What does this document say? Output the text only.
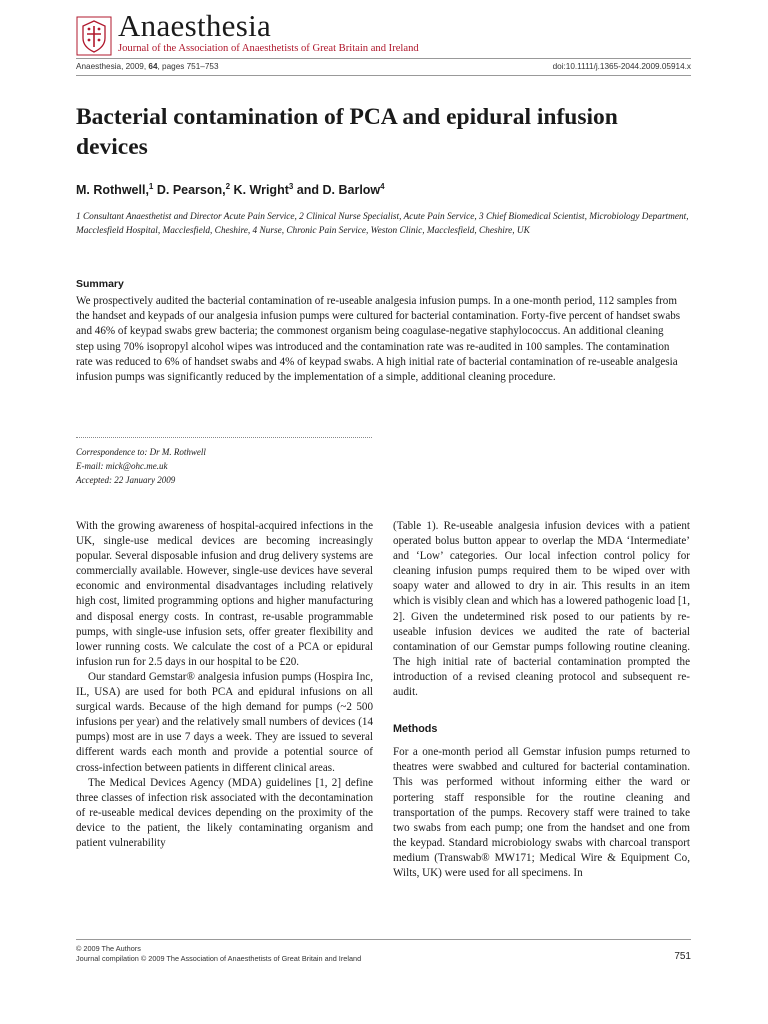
Anaesthesia
Journal of the Association of Anaesthetists of Great Britain and Ireland
Anaesthesia, 2009, 64, pages 751–753	doi:10.1111/j.1365-2044.2009.05914.x
Bacterial contamination of PCA and epidural infusion devices

M. Rothwell,$^1$ D. Pearson,$^2$ K. Wright$^3$ and D. Barlow$^4$

1 Consultant Anaesthetist and Director Acute Pain Service, 2 Clinical Nurse Specialist, Acute Pain Service, 3 Chief Biomedical Scientist, Microbiology Department, Macclesfield Hospital, Macclesfield, Cheshire, 4 Nurse, Chronic Pain Service, Weston Clinic, Macclesfield, Cheshire, UK

Summary

We prospectively audited the bacterial contamination of re-useable analgesia infusion pumps. In a one-month period, 112 samples from the handset and keypads of our analgesia infusion pumps were cultured for bacterial contamination. Forty-five percent of handset swabs and 46% of keypad swabs grew bacteria; the commonest organism being coagulase-negative staphylococcus. An additional cleaning step using 70% isopropyl alcohol wipes was introduced and the contamination rate was re-audited in 100 samples. The contamination rate was reduced to 6% of handset swabs and 4% of keypad swabs. A high initial rate of bacterial contamination of re-useable analgesia infusion pumps was significantly reduced by the implementation of a simple, additional cleaning procedure.

Correspondence to: Dr M. Rothwell
E-mail: mick@ohc.me.uk
Accepted: 22 January 2009

With the growing awareness of hospital-acquired infections in the UK, single-use medical devices are becoming increasingly popular. Several disposable infusion and drug delivery systems are commercially available. However, single-use devices have several economic and environmental disadvantages including relatively high cost, limited programming options and higher manufacturing and disposal energy costs. In contrast, re-usable programmable pumps, with single-use infusion sets, offer greater flexibility and lower running costs. We calculate the cost of a PCA or epidural infusion run for 2.5 days in our hospital to be £20.

Our standard Gemstar® analgesia infusion pumps (Hospira Inc, IL, USA) are used for both PCA and epidural infusions on all surgical wards. Because of the high demand for pumps (~2 500 infusions per year) and the relatively small numbers of devices (14 pumps) most are in use 7 days a week. They are issued to several different wards each month and provide a potential source of cross-infection between patients in different clinical areas.

The Medical Devices Agency (MDA) guidelines [1, 2] define three classes of infection risk associated with the decontamination of re-useable medical devices depending on the proximity of the device to the patient, the likely contaminating organism and patient vulnerability

(Table 1). Re-useable analgesia infusion devices with a patient operated bolus button appear to overlap the MDA ‘Intermediate’ and ‘Low’ categories. Our local infection control policy for cleaning infusion pumps required them to be wiped over with soapy water and allowed to dry in air. This results in an item which is visibly clean and which has a lowered pathogenic load [1, 2]. Given the undetermined risk posed to our patients by re-useable infusion devices we audited the rate of bacterial contamination of our Gemstar pumps following routine cleaning. The high initial rate of bacterial contamination prompted the introduction of a revised cleaning protocol and subsequent re-audit.

Methods

For a one-month period all Gemstar infusion pumps returned to theatres were swabbed and cultured for bacterial contamination. This was performed without informing either the ward or portering staff responsible for the routine cleaning and transportation of the pumps. Recovery staff were trained to take two swabs from each pump; one from the handset and one from the keypad. Standard microbiology swabs with charcoal transport medium (Transwab® MW171; Medical Wire & Equipment Co, Wilts, UK) were used for all specimens. In

© 2009 The Authors
Journal compilation © 2009 The Association of Anaesthetists of Great Britain and Ireland	751
